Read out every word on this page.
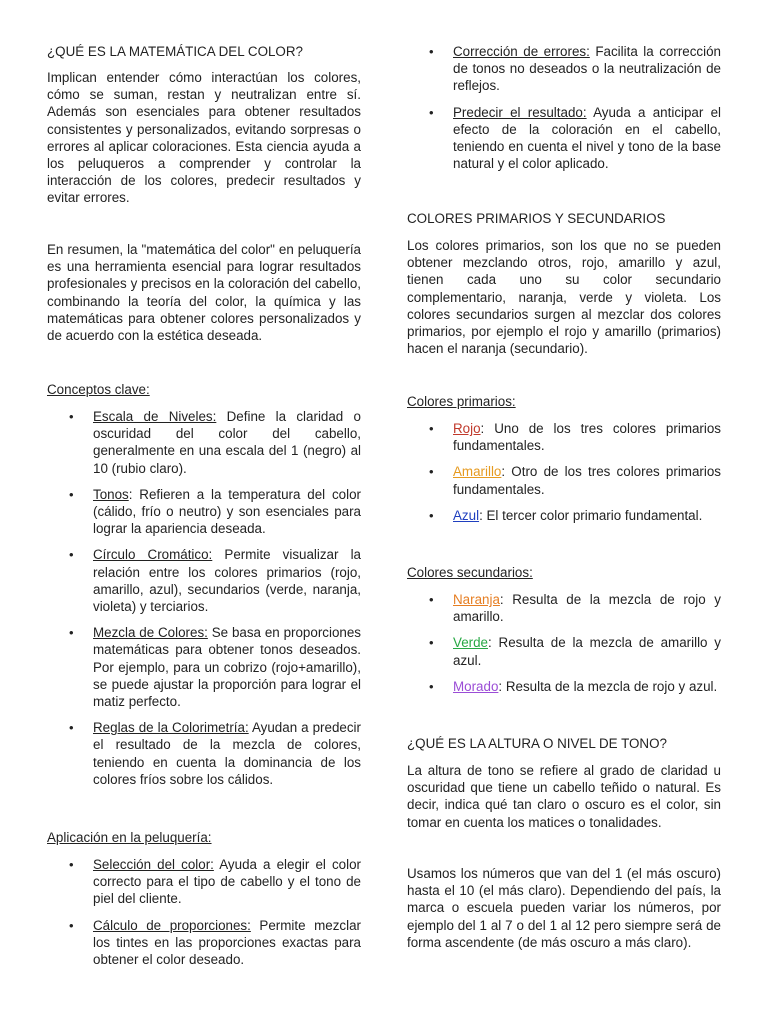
¿QUÉ ES LA MATEMÁTICA DEL COLOR?

Implican entender cómo interactúan los colores, cómo se suman, restan y neutralizan entre sí. Además son esenciales para obtener resultados consistentes y personalizados, evitando sorpresas o errores al aplicar coloraciones. Esta ciencia ayuda a los peluqueros a comprender y controlar la interacción de los colores, predecir resultados y evitar errores.

En resumen, la "matemática del color" en peluquería es una herramienta esencial para lograr resultados profesionales y precisos en la coloración del cabello, combinando la teoría del color, la química y las matemáticas para obtener colores personalizados y de acuerdo con la estética deseada.

Conceptos clave:

• Escala de Niveles: Define la claridad o oscuridad del color del cabello, generalmente en una escala del 1 (negro) al 10 (rubio claro).
• Tonos: Refieren a la temperatura del color (cálido, frío o neutro) y son esenciales para lograr la apariencia deseada.
• Círculo Cromático: Permite visualizar la relación entre los colores primarios (rojo, amarillo, azul), secundarios (verde, naranja, violeta) y terciarios.
• Mezcla de Colores: Se basa en proporciones matemáticas para obtener tonos deseados. Por ejemplo, para un cobrizo (rojo+amarillo), se puede ajustar la proporción para lograr el matiz perfecto.
• Reglas de la Colorimetría: Ayudan a predecir el resultado de la mezcla de colores, teniendo en cuenta la dominancia de los colores fríos sobre los cálidos.

Aplicación en la peluquería:

• Selección del color: Ayuda a elegir el color correcto para el tipo de cabello y el tono de piel del cliente.
• Cálculo de proporciones: Permite mezclar los tintes en las proporciones exactas para obtener el color deseado.
• Corrección de errores: Facilita la corrección de tonos no deseados o la neutralización de reflejos.
• Predecir el resultado: Ayuda a anticipar el efecto de la coloración en el cabello, teniendo en cuenta el nivel y tono de la base natural y el color aplicado.

COLORES PRIMARIOS Y SECUNDARIOS

Los colores primarios, son los que no se pueden obtener mezclando otros, rojo, amarillo y azul, tienen cada uno su color secundario complementario, naranja, verde y violeta. Los colores secundarios surgen al mezclar dos colores primarios, por ejemplo el rojo y amarillo (primarios) hacen el naranja (secundario).

Colores primarios:

• Rojo: Uno de los tres colores primarios fundamentales.
• Amarillo: Otro de los tres colores primarios fundamentales.
• Azul: El tercer color primario fundamental.

Colores secundarios:

• Naranja: Resulta de la mezcla de rojo y amarillo.
• Verde: Resulta de la mezcla de amarillo y azul.
• Morado: Resulta de la mezcla de rojo y azul.

¿QUÉ ES LA ALTURA O NIVEL DE TONO?

La altura de tono se refiere al grado de claridad u oscuridad que tiene un cabello teñido o natural. Es decir, indica qué tan claro o oscuro es el color, sin tomar en cuenta los matices o tonalidades.

Usamos los números que van del 1 (el más oscuro) hasta el 10 (el más claro). Dependiendo del país, la marca o escuela pueden variar los números, por ejemplo del 1 al 7 o del 1 al 12 pero siempre será de forma ascendente (de más oscuro a más claro).
